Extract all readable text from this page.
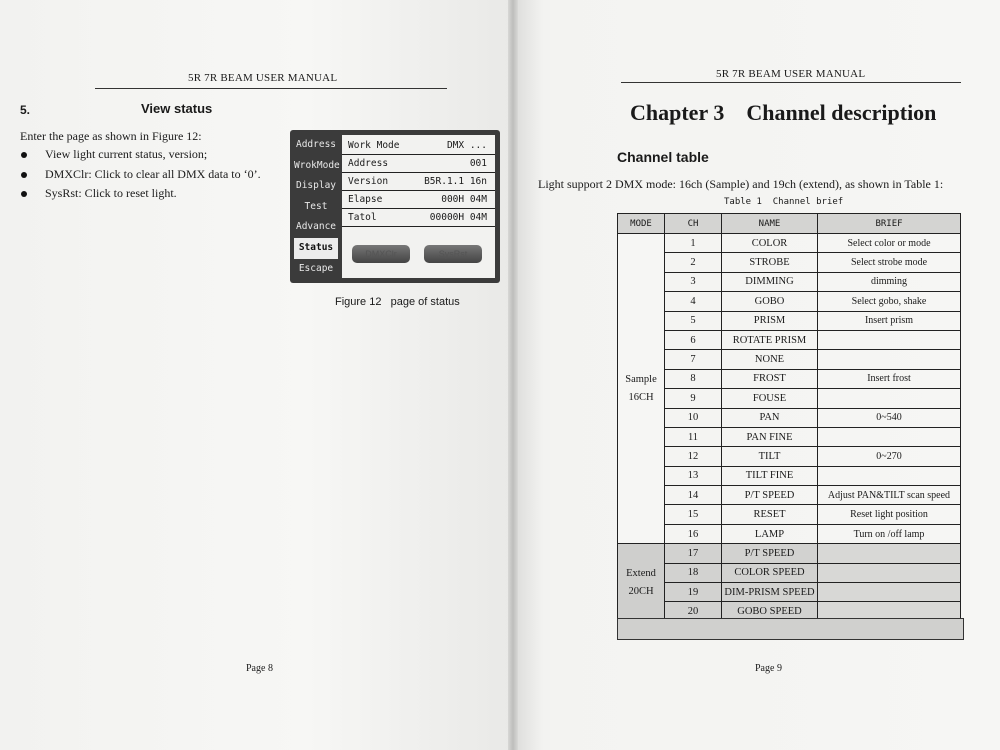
5R 7R BEAM USER MANUAL
5.	View status
Enter the page as shown in Figure 12:
View light current status, version;
DMXClr: Click to clear all DMX data to ‘0’.
SysRst: Click to reset light.
Address
WrokMode
Display
Test
Advance
Status
Escape
Work Mode	DMX ...
Address	001
Version	B5R.1.1 16n
Elapse	000H 04M
Tatol	00000H 04M
DMXClr	SysRst
Figure 12   page of status
Page 8
5R 7R BEAM USER MANUAL
Chapter 3 Channel description
Channel table
Light support 2 DMX mode: 16ch (Sample) and 19ch (extend), as shown in Table 1:
Table 1  Channel brief
MODE	CH	NAME	BRIEF

Sample
16CH	1	COLOR	Select color or mode
	2	STROBE	Select strobe mode
	3	DIMMING	dimming
	4	GOBO	Select gobo, shake
	5	PRISM	Insert prism
	6	ROTATE PRISM	
	7	NONE	
	8	FROST	Insert frost
	9	FOUSE	
	10	PAN	0~540
	11	PAN FINE	
	12	TILT	0~270
	13	TILT FINE	
	14	P/T SPEED	Adjust PAN&TILT scan speed
	15	RESET	Reset light position
	16	LAMP	Turn on /off lamp

Extend
20CH	17	P/T SPEED	
	18	COLOR SPEED	
	19	DIM-PRISM SPEED	
	20	GOBO SPEED	
Page 9
